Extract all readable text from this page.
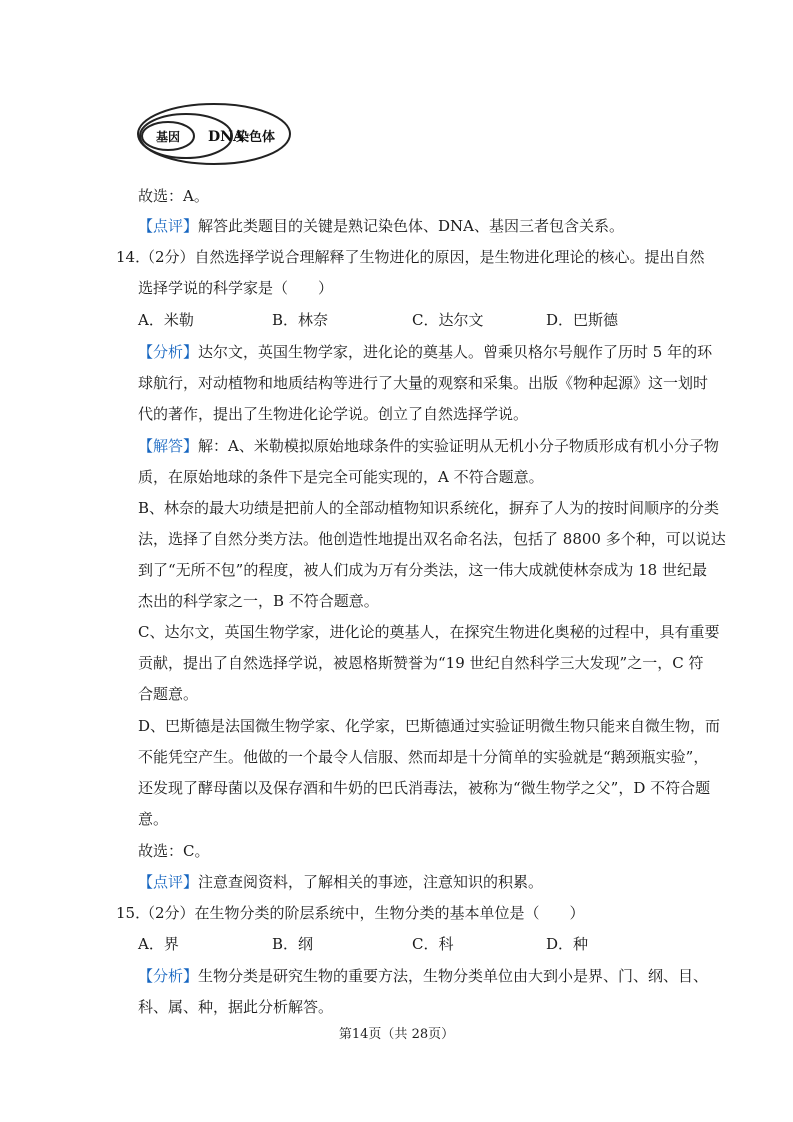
基因 DNA
染色体
故选：A。
【点评】解答此类题目的关键是熟记染色体、DNA、基因三者包含关系。
14．
（2分）自然选择学说合理解释了生物进化的原因，是生物进化理论的核心。提出自然
选择学说的科学家是（　　）
A．米勒	B．林奈	C．达尔文	D．巴斯德
【分析】达尔文，英国生物学家，进化论的奠基人。曾乘贝格尔号舰作了历时 5 年的环
球航行，对动植物和地质结构等进行了大量的观察和采集。出版《物种起源》这一划时
代的著作，提出了生物进化论学说。创立了自然选择学说。
【解答】解：A、米勒模拟原始地球条件的实验证明从无机小分子物质形成有机小分子物
质，在原始地球的条件下是完全可能实现的，A 不符合题意。
B、林奈的最大功绩是把前人的全部动植物知识系统化，摒弃了人为的按时间顺序的分类
法，选择了自然分类方法。他创造性地提出双名命名法，包括了 8800 多个种，可以说达
到了“无所不包”的程度，被人们成为万有分类法，这一伟大成就使林奈成为 18 世纪最
杰出的科学家之一，B 不符合题意。
C、达尔文，英国生物学家，进化论的奠基人，在探究生物进化奥秘的过程中，具有重要
贡献，提出了自然选择学说，被恩格斯赞誉为“19 世纪自然科学三大发现”之一，C 符
合题意。
D、巴斯德是法国微生物学家、化学家，巴斯德通过实验证明微生物只能来自微生物，而
不能凭空产生。他做的一个最令人信服、然而却是十分简单的实验就是“鹅颈瓶实验”，
还发现了酵母菌以及保存酒和牛奶的巴氏消毒法，被称为“微生物学之父”，D 不符合题
意。
故选：C。
【点评】注意查阅资料，了解相关的事迹，注意知识的积累。
15．
（2分）在生物分类的阶层系统中，生物分类的基本单位是（　　）
A．界	B．纲	C．科	D．种
【分析】生物分类是研究生物的重要方法，生物分类单位由大到小是界、门、纲、目、
科、属、种，据此分析解答。
第14页（共 28页）
